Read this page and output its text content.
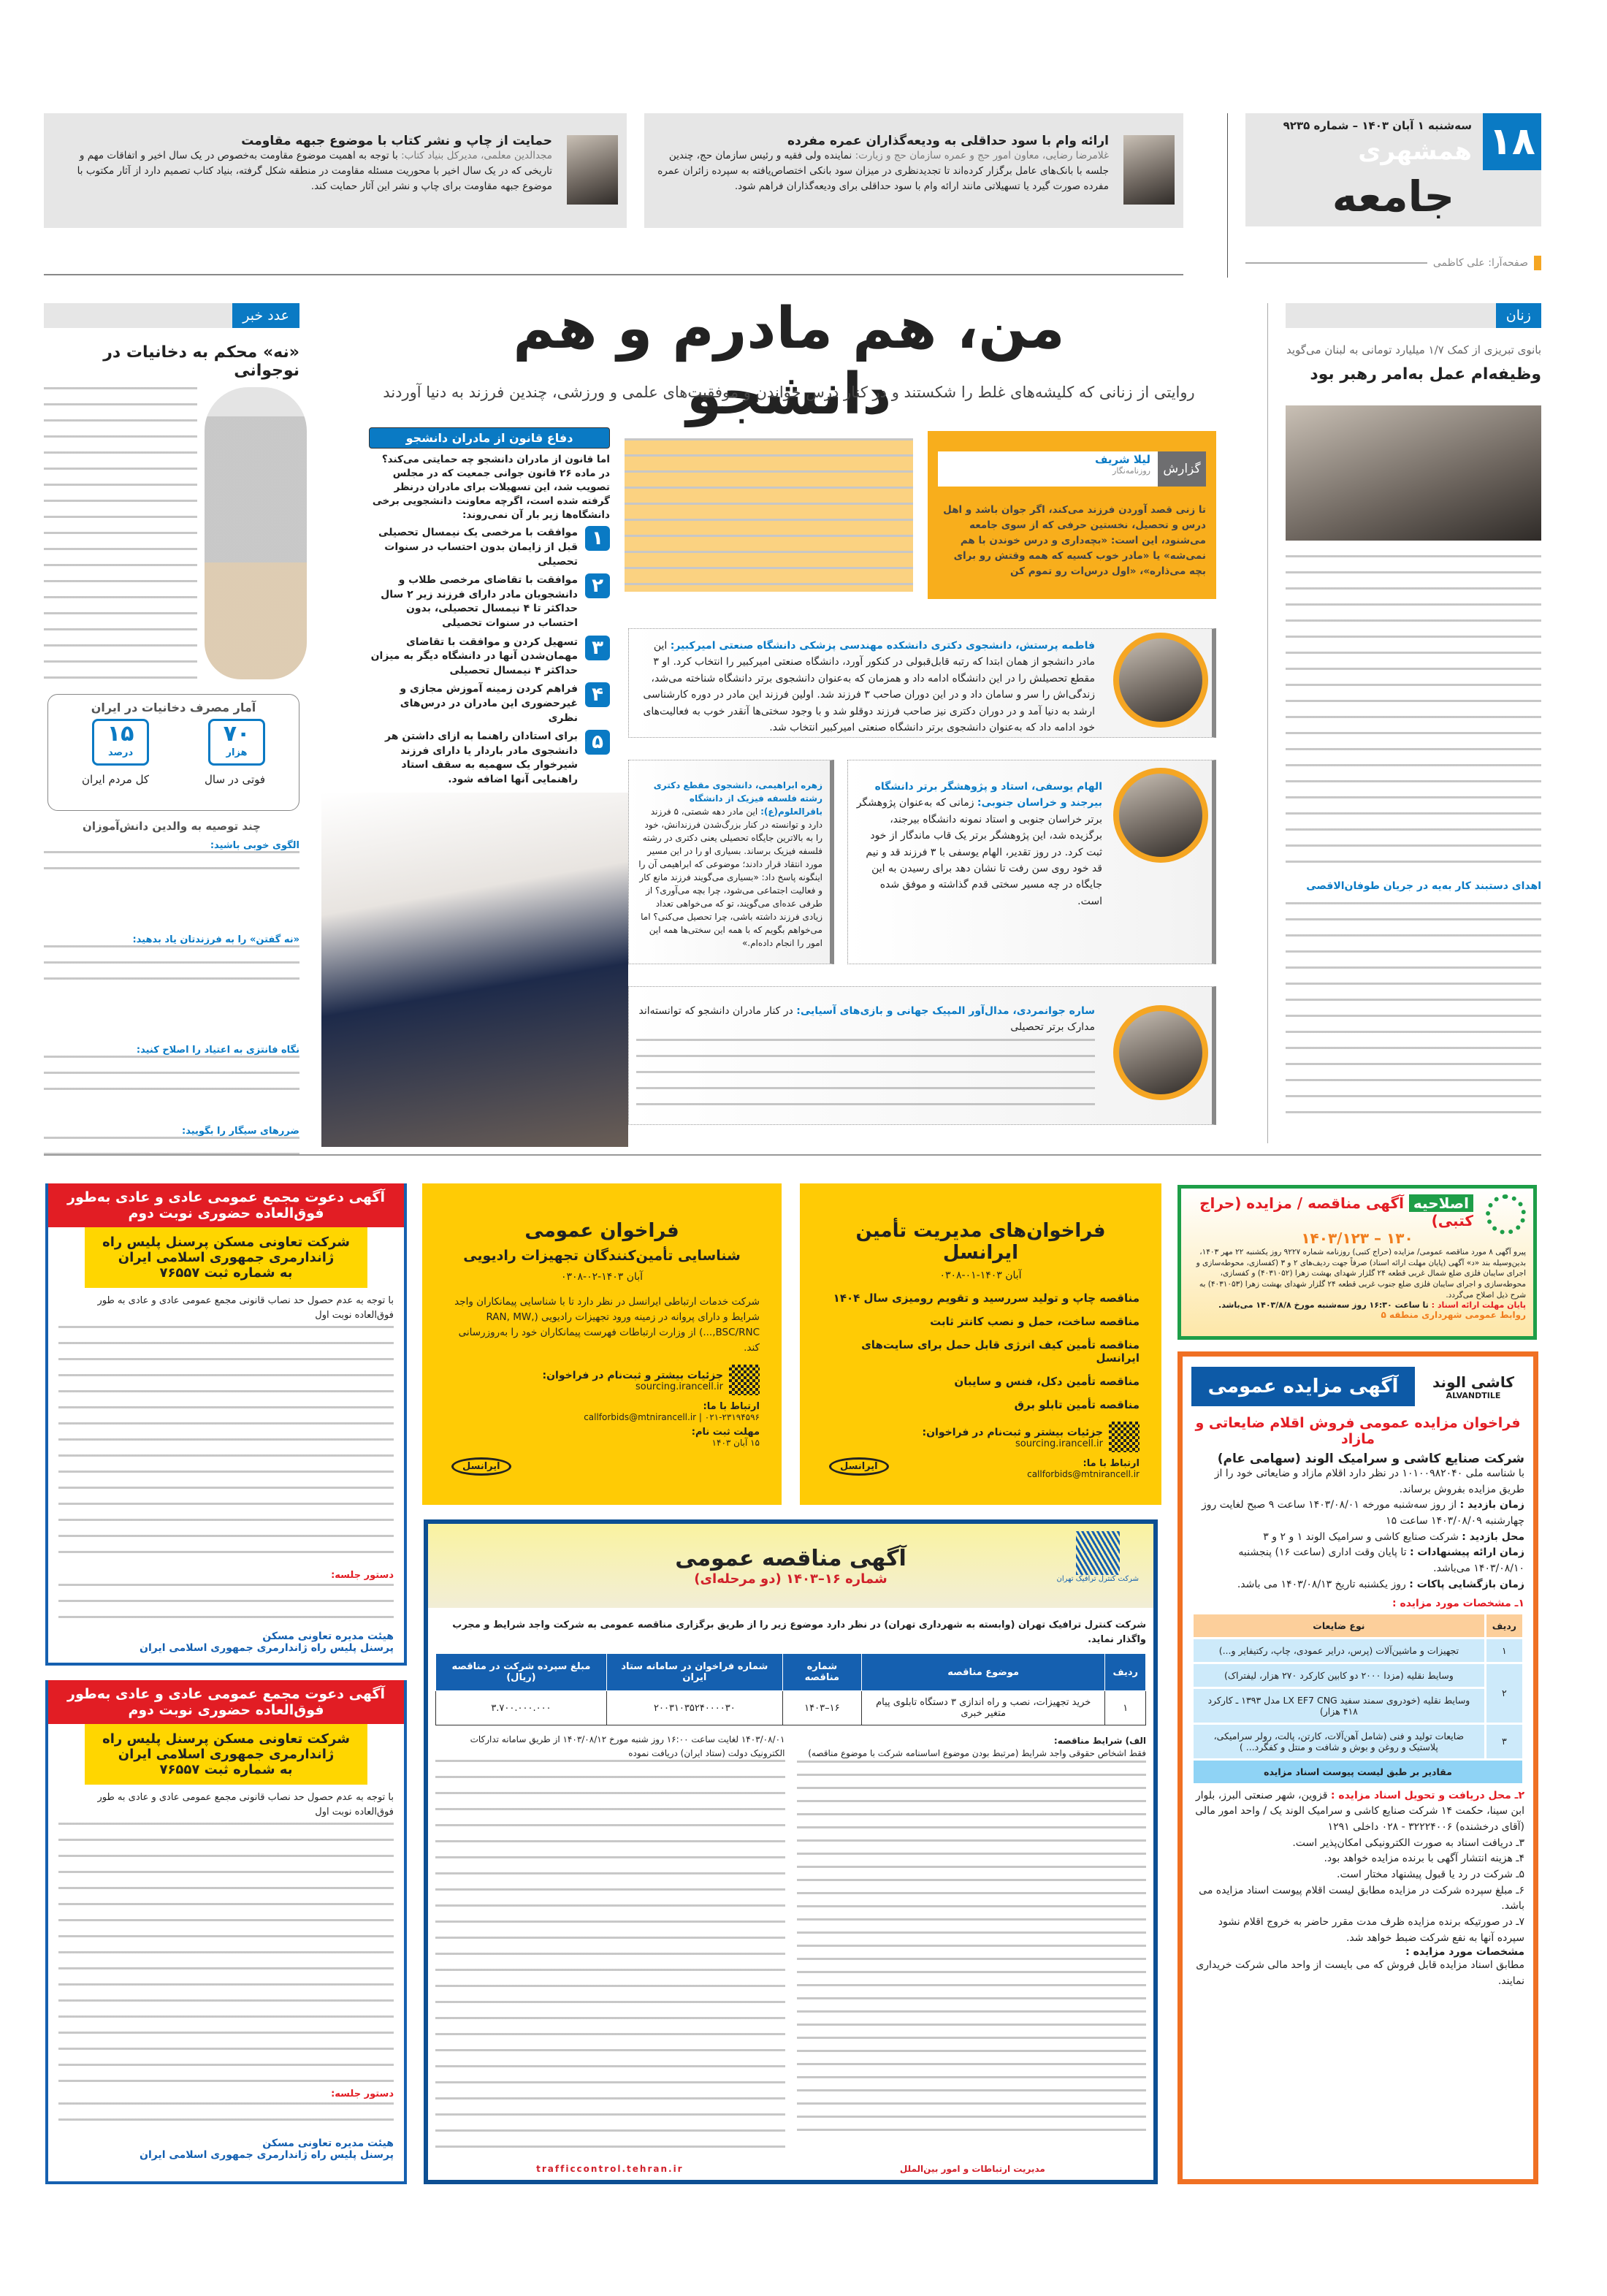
۱۸
سه‌شنبه ۱ آبان ۱۴۰۳ – شماره ۹۲۳۵
همشهری
جامعه
صفحه‌آرا: علی کاظمی
ارائه وام با سود حداقلی به ودیعه‌گذاران عمره مفرده

غلامرضا رضایی، معاون امور حج و عمره سازمان حج و زیارت: نماینده ولی فقیه و رئیس سازمان حج، چندین جلسه با بانک‌های عامل برگزار کرده‌اند تا تجدیدنظری در میزان سود بانکی اختصاص‌یافته به سپرده زائران عمره مفرده صورت گیرد یا تسهیلاتی مانند ارائه وام با سود حداقلی برای ودیعه‌گذاران فراهم شود.

حمایت از چاپ و نشر کتاب با موضوع جبهه مقاومت

مجدالدین معلمی، مدیرکل بنیاد کتاب: با توجه به اهمیت موضوع مقاومت به‌خصوص در یک سال اخیر و اتفاقات مهم و تاریخی که در یک سال اخیر با محوریت مسئله مقاومت در منطقه شکل گرفته، بنیاد کتاب تصمیم دارد از آثار مکتوب با موضوع جبهه مقاومت برای چاپ و نشر این آثار حمایت کند.

زنان
بانوی تبریزی از کمک ۱/۷ میلیارد تومانی به لبنان می‌گوید
وظیفه‌ام عمل به‌امر رهبر بود
اهدای دستبند کار به‌یه در جریان طوفان‌الاقصی
من، هم مادرم و هم دانشجو
روایتی از زنانی که کلیشه‌های غلط را شکستند و در کنار درس خواندن و موفقیت‌های علمی و ورزشی، چندین فرزند به دنیا آوردند
گزارش
لیلا شریف
روزنامه‌نگار

تا زنی قصد آوردن فرزند می‌کند، اگر جوان باشد و اهل درس و تحصیل، نخستین حرفی که از سوی جامعه می‌شنود، این است: «بچه‌داری و درس خوندن با هم نمی‌شه» یا «مادر خوب کسیه که همه وقتش رو برای بچه می‌ذاره»، «اول درس‌ات رو تموم کن

دفاع قانون از مادران دانشجو

اما قانون از مادران دانشجو چه حمایتی می‌کند؟ در ماده ۲۶ قانون جوانی جمعیت که در مجلس تصویب شد، این تسهیلات برای مادران درنظر گرفته شده است، اگرچه معاونت دانشجویی برخی دانشگاه‌ها زیر بار آن نمی‌روند:

۱
موافقت با مرخصی یک نیمسال تحصیلی قبل از زایمان بدون احتساب در سنوات تحصیلی
۲
موافقت با تقاضای مرخصی طلاب و دانشجویان مادر دارای فرزند زیر ۲ سال حداکثر تا ۴ نیمسال تحصیلی، بدون احتساب در سنوات تحصیلی
۳
تسهیل کردن و موافقت با تقاضای مهمان‌شدن آنها در دانشگاه دیگر به میزان حداکثر ۴ نیمسال تحصیلی
۴
فراهم کردن زمینه آموزش مجازی و غیرحضوری این مادران در درس‌های نظری
۵
برای استادان راهنما به ازای داشتن هر دانشجوی مادر باردار یا دارای فرزند شیرخوار یک سهمیه به سقف استاد راهنمایی آنها اضافه شود.

فاطمه پرستش، دانشجوی دکتری دانشکده مهندسی پزشکی دانشگاه صنعتی امیرکبیر: این مادر دانشجو از همان ابتدا که رتبه قابل‌قبولی در کنکور آورد، دانشگاه صنعتی امیرکبیر را انتخاب کرد. او ۳ مقطع تحصیلش را در این دانشگاه ادامه داد و همزمان که به‌عنوان دانشجوی برتر دانشگاه شناخته می‌شد، زندگی‌اش را سر و سامان داد و در این دوران صاحب ۳ فرزند شد. اولین فرزند این مادر در دوره کارشناسی ارشد به دنیا آمد و در دوران دکتری نیز صاحب فرزند دوقلو شد و با وجود سختی‌ها آنقدر خوب به فعالیت‌های خود ادامه داد که به‌عنوان دانشجوی برتر دانشگاه صنعتی امیرکبیر انتخاب شد.

الهام یوسفی، استاد و پژوهشگر برتر دانشگاه بیرجند و خراسان جنوبی: زمانی که به‌عنوان پژوهشگر برتر خراسان جنوبی و استاد نمونه دانشگاه بیرجند، برگزیده شد، این پژوهشگر برتر یک قاب ماندگار از خود ثبت کرد. در روز تقدیر، الهام یوسفی با ۳ فرزند قد و نیم قد خود روی سن رفت تا نشان دهد برای رسیدن به این جایگاه در چه مسیر سختی قدم گذاشته و موفق شده است.

زهره ابراهیمی، دانشجوی مقطع دکتری رشته فلسفه فیزیک از دانشگاه باقرالعلوم(ع): این مادر دهه شصتی، ۵ فرزند دارد و توانسته در کنار بزرگ‌شدن فرزندانش، خود را به بالاترین جایگاه تحصیلی یعنی دکتری در رشته فلسفه فیزیک برساند. بسیاری او را در این مسیر مورد انتقاد قرار دادند؛ موضوعی که ابراهیمی آن را اینگونه پاسخ داد: «بسیاری می‌گویند فرزند مانع کار و فعالیت اجتماعی می‌شود، چرا بچه می‌آوری؟ از طرفی عده‌ای می‌گویند، تو که می‌خواهی تعداد زیادی فرزند داشته باشی، چرا تحصیل می‌کنی؟ اما می‌خواهم بگویم که با همه این سختی‌ها همه این امور را انجام داده‌ام.»

ساره جوانمردی، مدال‌آور المپیک جهانی و بازی‌های آسیایی: در کنار مادران دانشجو که توانسته‌اند مدارک برتر تحصیلی

عدد خبر
«نه» محکم به دخانیات در نوجوانی
آمار مصرف دخانیات در ایران
۷۰
هزار
فوتی در سال
۱۵
درصد
کل مردم ایران
چند توصیه به والدین دانش‌آموزان
الگوی خوبی باشید:
«نه گفتن» را به فرزندتان یاد بدهید:
نگاه فانتزی به اعتیاد را اصلاح کنید:
ضررهای سیگار را بگویید:
آگهی دعوت مجمع عمومی عادی و عادی به‌طور فوق‌العاده حضوری نوبت دوم
شرکت تعاونی مسکن پرسنل پلیس راه ژاندارمری جمهوری اسلامی ایران
به شماره ثبت ۷۶۵۵۷

با توجه به عدم حصول حد نصاب قانونی مجمع عمومی عادی و عادی به طور فوق‌العاده نوبت اول

دستور جلسه:
هیئت مدیره تعاونی مسکن
پرسنل پلیس راه ژاندارمری جمهوری اسلامی ایران
آگهی دعوت مجمع عمومی عادی و عادی به‌طور فوق‌العاده حضوری نوبت دوم
شرکت تعاونی مسکن پرسنل پلیس راه ژاندارمری جمهوری اسلامی ایران
به شماره ثبت ۷۶۵۵۷

با توجه به عدم حصول حد نصاب قانونی مجمع عمومی عادی و عادی به طور فوق‌العاده نوبت اول

دستور جلسه:
هیئت مدیره تعاونی مسکن
پرسنل پلیس راه ژاندارمری جمهوری اسلامی ایران
فراخوان عمومی
شناسایی تأمین‌کنندگان تجهیزات رادیویی
آبان ۱۴۰۳-۰۲-۰۳۰۸

شرکت خدمات ارتباطی ایرانسل در نظر دارد تا با شناسایی پیمانکاران واجد شرایط و دارای پروانه در زمینه ورود تجهیزات رادیویی (RAN, MW, BSC/RNC,...) از وزارت ارتباطات فهرست پیمانکاران خود را به‌روزرسانی کند.

جزئیات بیشتر و ثبت‌نام در فراخوان:
sourcing.irancell.ir
ارتباط با ما:
۰۲۱-۲۳۱۹۴۵۹۶ | callforbids@mtnirancell.ir
مهلت ثبت نام:
۱۵ آبان ۱۴۰۳
ایرانسل
فراخوان‌های مدیریت تأمین ایرانسل
آبان ۱۴۰۳-۰۱-۰۳۰۸
مناقصه چاپ و تولید سررسید و تقویم رومیزی سال ۱۴۰۴
مناقصه ساخت، حمل و نصب کانتر ثابت
مناقصه تأمین کیف انرژی قابل حمل برای سایت‌های ایرانسل
مناقصه تأمین دکل، فنس و سایبان
مناقصه تأمین تابلو برق
جزئیات بیشتر و ثبت‌نام در فراخوان:
sourcing.irancell.ir
ارتباط با ما:
callforbids@mtnirancell.ir
ایرانسل
آگهی مناقصه عمومی
شماره ۱۶–۱۴۰۳ (دو مرحله‌ای)	شرکت کنترل ترافیک تهران

شرکت کنترل ترافیک تهران (وابسته به شهرداری تهران) در نظر دارد موضوع زیر را از طریق برگزاری مناقصه عمومی به شرکت واجد شرایط و مجرب واگذار نماید.

ردیف	موضوع مناقصه	شماره مناقصه	شماره فراخوان در سامانه ستاد ایران	مبلغ سپرده شرکت در مناقصه (ریال)
۱	خرید تجهیزات، نصب و راه اندازی ۳ دستگاه تابلوی پیام متغیر خبری	۱۶–۱۴۰۳	۲۰۰۳۱۰۳۵۲۴۰۰۰۰۳۰	۳.۷۰۰.۰۰۰.۰۰۰
الف) شرایط مناقصه:

فقط اشخاص حقوقی واجد شرایط (مرتبط بودن موضوع اساسنامه شرکت با موضوع مناقصه)

۱۴۰۳/۰۸/۰۱ لغایت ساعت ۱۶:۰۰ روز شنبه مورخ ۱۴۰۳/۰۸/۱۲ از طریق سامانه تدارکات الکترونیک دولت (ستاد ایران) دریافت نموده

مدیریت ارتباطات و امور بین‌الملل
trafficcontrol.tehran.ir
اصلاحیه آگهی مناقصه / مزایده (حراج کتبی)
۱۳۰ – ۱۴۰۳/۱۲۳

پیرو آگهی ۸ مورد مناقصه عمومی/ مزایده (حراج کتبی) روزنامه شماره ۹۲۲۷ روز یکشنبه ۲۲ مهر ۱۴۰۳، بدین‌وسیله بند «د» آگهی (پایان مهلت ارائه اسناد) صرفاً جهت ردیف‌های ۲ و ۳ (کفسازی، محوطه‌سازی و اجرای سایبان فلزی ضلع شمال غربی قطعه ۲۴ گلزار شهدای بهشت زهرا (۴۰۳۱۰۵۲) و کفسازی، محوطه‌سازی و اجرای سایبان فلزی ضلع جنوب غربی قطعه ۲۴ گلزار شهدای بهشت زهرا (۴۰۳۱۰۵۳) به شرح ذیل اصلاح می‌گردد.

پایان مهلت ارائه اسناد : تا ساعت ۱۶:۳۰ روز سه‌شنبه مورخ ۱۴۰۳/۸/۸ می‌باشد.
روابط عمومی شهرداری منطقه ۵
کاشی الوند
ALVANDTILE
آگهی مزایده عمومی
فراخوان مزایده عمومی فروش اقلام ضایعاتی و مازاد
شرکت صنایع کاشی و سرامیک الوند (سهامی عام)

با شناسه ملی ۱۰۱۰۰۹۸۲۰۴۰ در نظر دارد اقلام مازاد و ضایعاتی خود را از طریق مزایده بفروش برساند.

زمان بازدید : از روز سه‌شنبه مورخه ۱۴۰۳/۰۸/۰۱ ساعت ۹ صبح لغایت روز چهارشنبه ۱۴۰۳/۰۸/۰۹ ساعت ۱۵

محل بازدید : شرکت صنایع کاشی و سرامیک الوند ۱ و ۲ و ۳

زمان ارائه پیشنهادات : تا پایان وقت اداری (ساعت ۱۶) پنجشنبه ۱۴۰۳/۰۸/۱۰ می‌باشد.

زمان بازگشایی پاکات : روز یکشنبه تاریخ ۱۴۰۳/۰۸/۱۳ می باشد.

۱ـ مشخصات مورد مزایده :
ردیف	نوع ضایعات
۱	تجهیزات و ماشین‌آلات (پرس، درایر عمودی، چاپ، رکتیفایر و...)
۲	وسایط نقلیه (مزدا ۲۰۰۰ دو کابین کارکرد ۲۷۰ هزار، لیفتراک)
	وسایط نقلیه (خودروی سمند سفید LX EF7 CNG مدل ۱۳۹۳ ـ کارکرد ۴۱۸ هزار)
۳	ضایعات تولید و فنی (شامل آهن‌آلات، کارتن، پالت، رولر سرامیکی، پلاستیک و روغن و بوش و شافت و منتل و کفگرد... )
مقادیر بر طبق لیست پیوست اسناد مزایده	

۲ـ محل دریافت و تحویل اسناد مزایده : قزوین، شهر صنعتی البرز، بلوار ابن سینا، حکمت ۱۴ شرکت صنایع کاشی و سرامیک الوند یک / واحد امور مالی (آقای درخشنده) ۳۲۲۲۴۰۰۶ - ۰۲۸ داخلی ۱۲۹۱

۳ـ دریافت اسناد به صورت الکترونیکی امکان‌پذیر است.

۴ـ هزینه انتشار آگهی با برنده مزایده خواهد بود.

۵ـ شرکت در رد یا قبول پیشنهاد مختار است.

۶ـ مبلغ سپرده شرکت در مزایده مطابق لیست اقلام پیوست اسناد مزایده می باشد.

۷ـ در صورتیکه برنده مزایده ظرف مدت مقرر حاضر به خروج اقلام نشود سپرده آنها به نفع شرکت ضبط خواهد شد.

مشخصات مورد مزایده :

مطابق اسناد مزایده قابل فروش که می بایست از واحد مالی شرکت خریداری نمایند.
